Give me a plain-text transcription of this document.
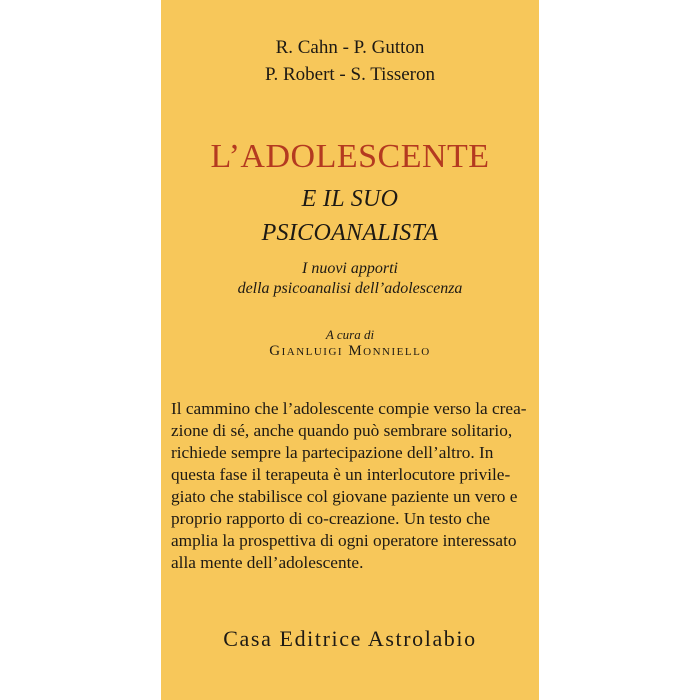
R. Cahn - P. Gutton
P. Robert - S. Tisseron
L’ADOLESCENTE
E IL SUO
PSICOANALISTA
I nuovi apporti
della psicoanalisi dell’adolescenza
A cura di
Gianluigi Monniello
Il cammino che l’adolescente compie verso la crea-
zione di sé, anche quando può sembrare solitario,
richiede sempre la partecipazione dell’altro. In
questa fase il terapeuta è un interlocutore privile-
giato che stabilisce col giovane paziente un vero e
proprio rapporto di co-creazione. Un testo che
amplia la prospettiva di ogni operatore interessato
alla mente dell’adolescente.
Casa Editrice Astrolabio
